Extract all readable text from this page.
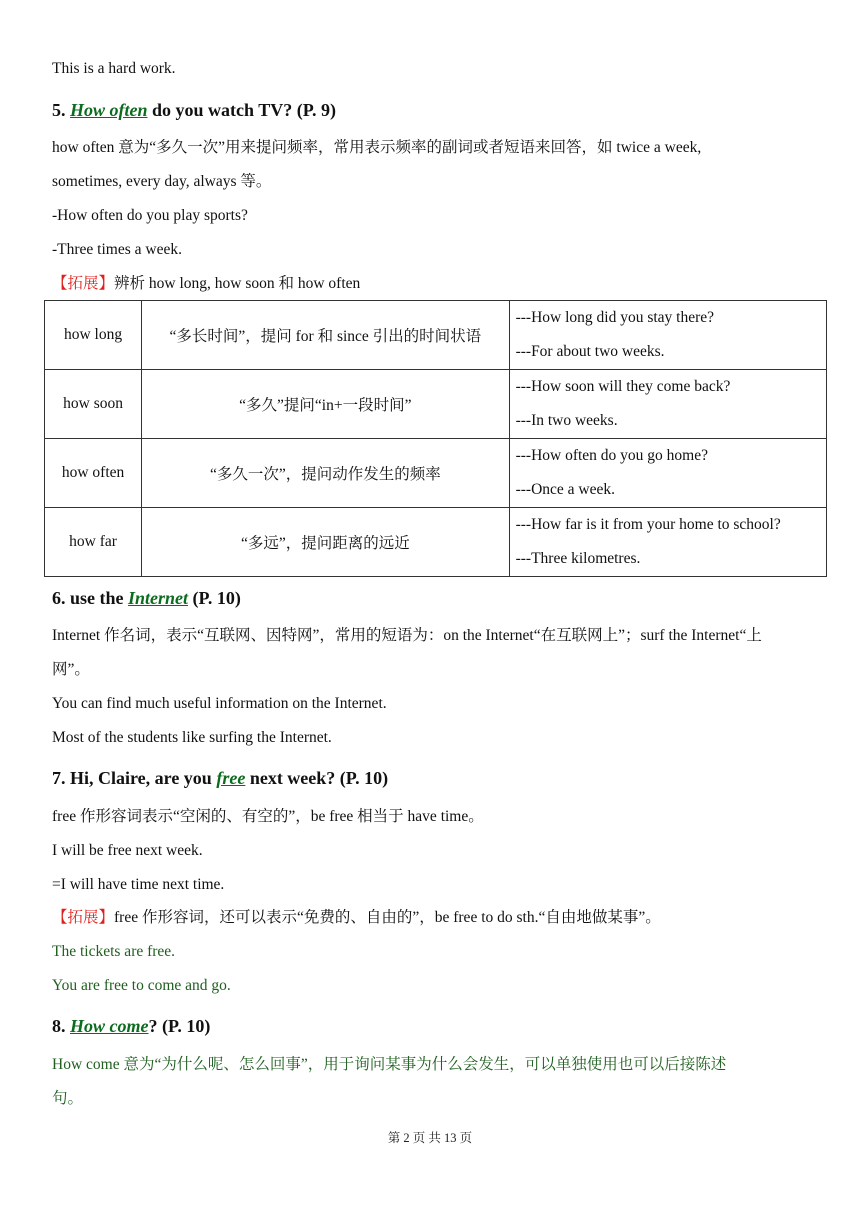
This is a hard work.

5. How often do you watch TV? (P. 9)

how often 意为“多久一次”用来提问频率，常用表示频率的副词或者短语来回答，如 twice a week,

sometimes, every day, always 等。

-How often do you play sports?

-Three times a week.

【拓展】辨析 how long, how soon 和 how often

how long	“多长时间”，提问 for 和 since 引出的时间状语	---How long did you stay there?
---For about two weeks.

how soon	“多久”提问“in+一段时间”	---How soon will they come back?
---In two weeks.

how often	“多久一次”，提问动作发生的频率	---How often do you go home?
---Once a week.

how far	“多远”，提问距离的远近	---How far is it from your home to school?
---Three kilometres.
6. use the Internet (P. 10)

Internet 作名词，表示“互联网、因特网”，常用的短语为：on the Internet“在互联网上”；surf the Internet“上

网”。

You can find much useful information on the Internet.

Most of the students like surfing the Internet.

7. Hi, Claire, are you free next week? (P. 10)

free 作形容词表示“空闲的、有空的”，be free 相当于 have time。

I will be free next week.

=I will have time next time.

【拓展】free 作形容词，还可以表示“免费的、自由的”，be free to do sth.“自由地做某事”。

The tickets are free.

You are free to come and go.

8. How come? (P. 10)

How come 意为“为什么呢、怎么回事”，用于询问某事为什么会发生，可以单独使用也可以后接陈述

句。

第 2 页 共 13 页
